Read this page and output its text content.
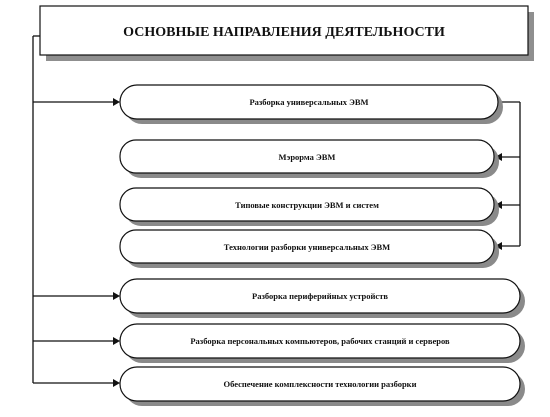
ОСНОВНЫЕ НАПРАВЛЕНИЯ ДЕЯТЕЛЬНОСТИ
Разборка универсальных ЭВМ
Мэрорма ЭВМ
Типовые конструкции ЭВМ и систем
Технологии разборки универсальных ЭВМ
Разборка периферийных устройств
Разборка персональных компьютеров, рабочих станций и серверов
Обеспечение комплексности технологии разборки
